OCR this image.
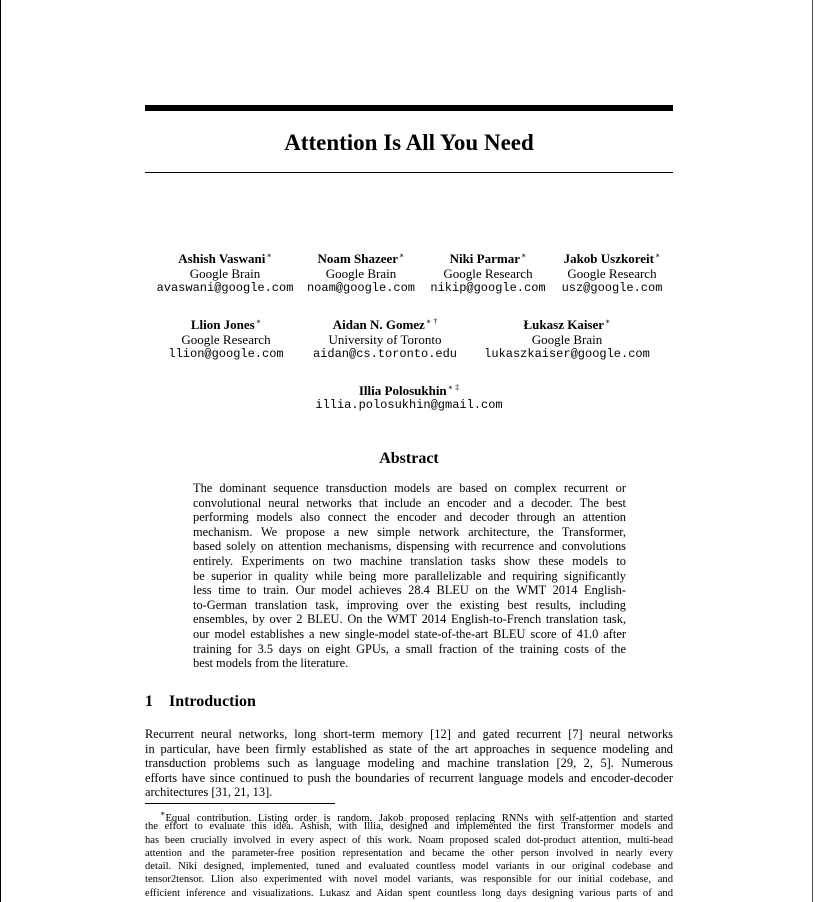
Attention Is All You Need
Ashish Vaswani∗
Google Brain
avaswani@google.com
Noam Shazeer∗
Google Brain
noam@google.com
Niki Parmar∗
Google Research
nikip@google.com
Jakob Uszkoreit∗
Google Research
usz@google.com
Llion Jones∗
Google Research
llion@google.com
Aidan N. Gomez∗ †
University of Toronto
aidan@cs.toronto.edu
Łukasz Kaiser∗
Google Brain
lukaszkaiser@google.com
Illia Polosukhin∗ ‡
illia.polosukhin@gmail.com
Abstract
The dominant sequence transduction models are based on complex recurrent or
convolutional neural networks that include an encoder and a decoder. The best
performing models also connect the encoder and decoder through an attention
mechanism. We propose a new simple network architecture, the Transformer,
based solely on attention mechanisms, dispensing with recurrence and convolutions
entirely. Experiments on two machine translation tasks show these models to
be superior in quality while being more parallelizable and requiring significantly
less time to train. Our model achieves 28.4 BLEU on the WMT 2014 English-
to-German translation task, improving over the existing best results, including
ensembles, by over 2 BLEU. On the WMT 2014 English-to-French translation task,
our model establishes a new single-model state-of-the-art BLEU score of 41.0 after
training for 3.5 days on eight GPUs, a small fraction of the training costs of the
best models from the literature.
1 Introduction
Recurrent neural networks, long short-term memory [12] and gated recurrent [7] neural networks
in particular, have been firmly established as state of the art approaches in sequence modeling and
transduction problems such as language modeling and machine translation [29, 2, 5]. Numerous
efforts have since continued to push the boundaries of recurrent language models and encoder-decoder
architectures [31, 21, 13].
∗Equal contribution. Listing order is random. Jakob proposed replacing RNNs with self-attention and started
the effort to evaluate this idea. Ashish, with Illia, designed and implemented the first Transformer models and
has been crucially involved in every aspect of this work. Noam proposed scaled dot-product attention, multi-head
attention and the parameter-free position representation and became the other person involved in nearly every
detail. Niki designed, implemented, tuned and evaluated countless model variants in our original codebase and
tensor2tensor. Llion also experimented with novel model variants, was responsible for our initial codebase, and
efficient inference and visualizations. Lukasz and Aidan spent countless long days designing various parts of and
